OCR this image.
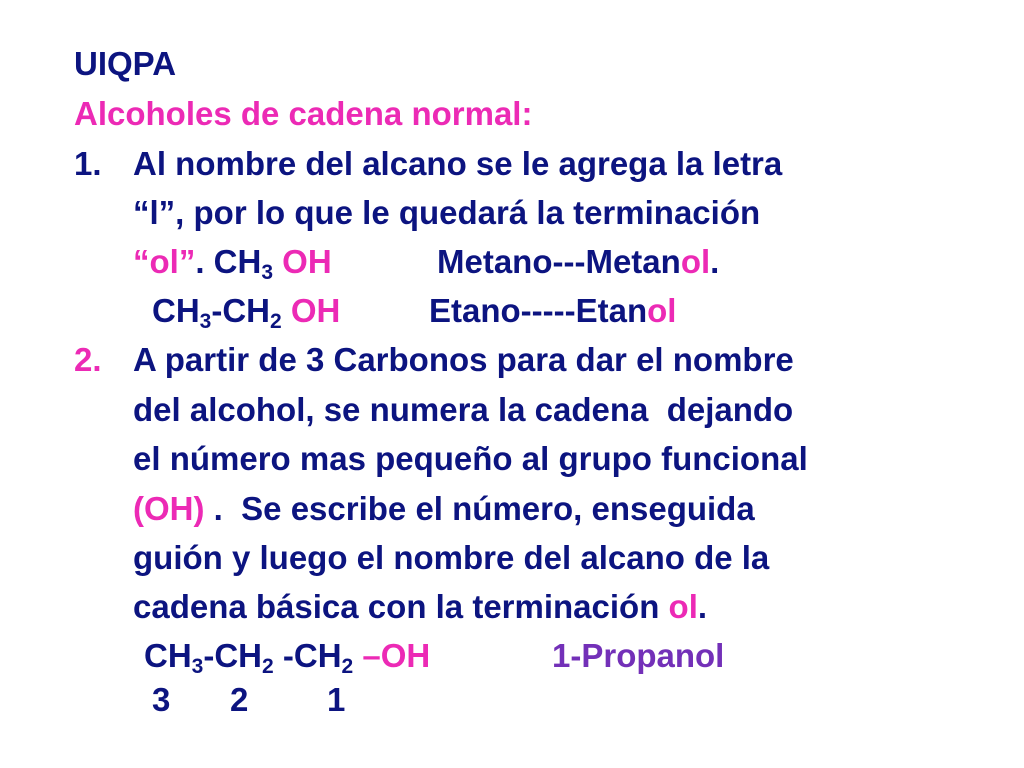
UIQPA
Alcoholes de cadena normal:
1. Al nombre del alcano se le agrega la letra
“l”, por lo que le quedará la terminación
“ol”. $CH_3$ OH	Metano---Metanol.
$CH_3-CH_2$ OH	Etano-----Etanol
2. A partir de 3 Carbonos para dar el nombre
del alcohol, se numera la cadena  dejando
el número mas pequeño al grupo funcional
(OH) .  Se escribe el número, enseguida
guión y luego el nombre del alcano de la
cadena básica con la terminación ol.
$CH_3-CH_2$ $-CH_2$ –OH	1-Propanol
3 2 1
